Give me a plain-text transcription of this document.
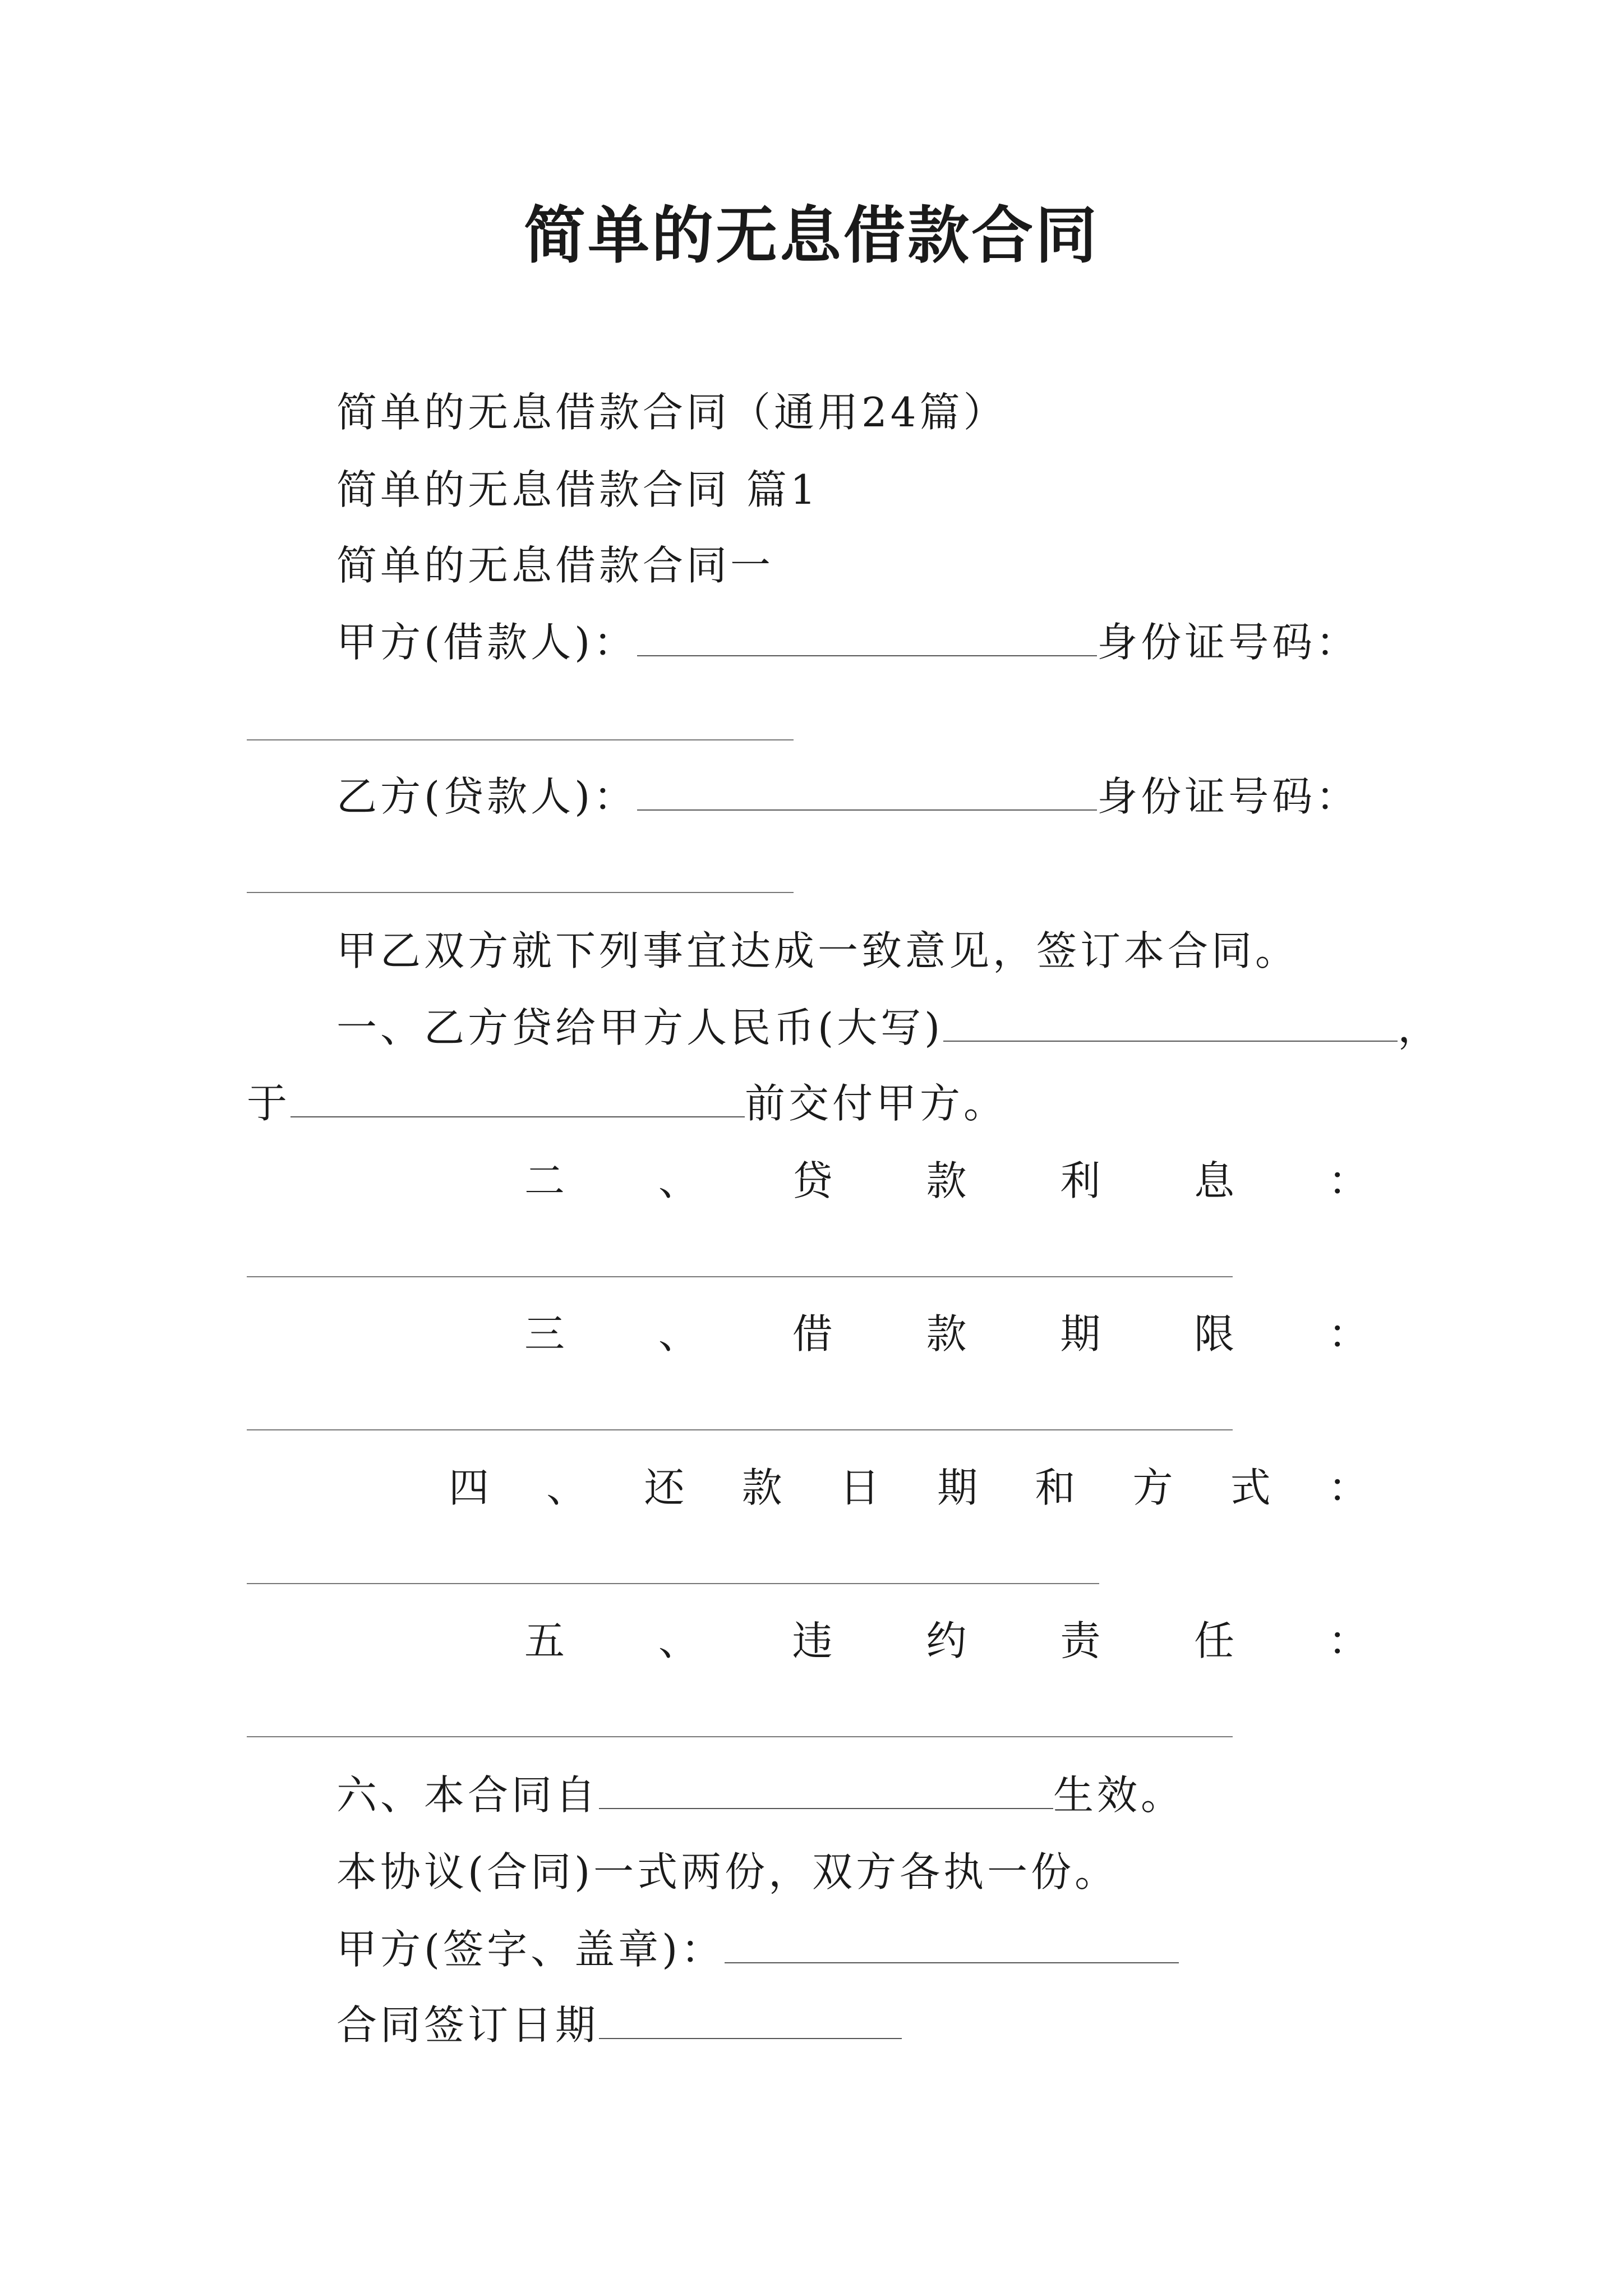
简单的无息借款合同
简单的无息借款合同（通用24篇）
简单的无息借款合同 篇1
简单的无息借款合同一
甲方(借款人)：	身份证号码：
乙方(贷款人)：	身份证号码：
甲乙双方就下列事宜达成一致意见，签订本合同。
一、乙方贷给甲方人民币(大写)	，
于	前交付甲方。
二 、 贷 款 利 息 ：
三 、 借 款 期 限 ：
四 、 还 款 日 期 和 方 式 ：
五 、 违 约 责 任 ：
六、本合同自	生效。
本协议(合同)一式两份，双方各执一份。
甲方(签字、盖章)：
合同签订日期
